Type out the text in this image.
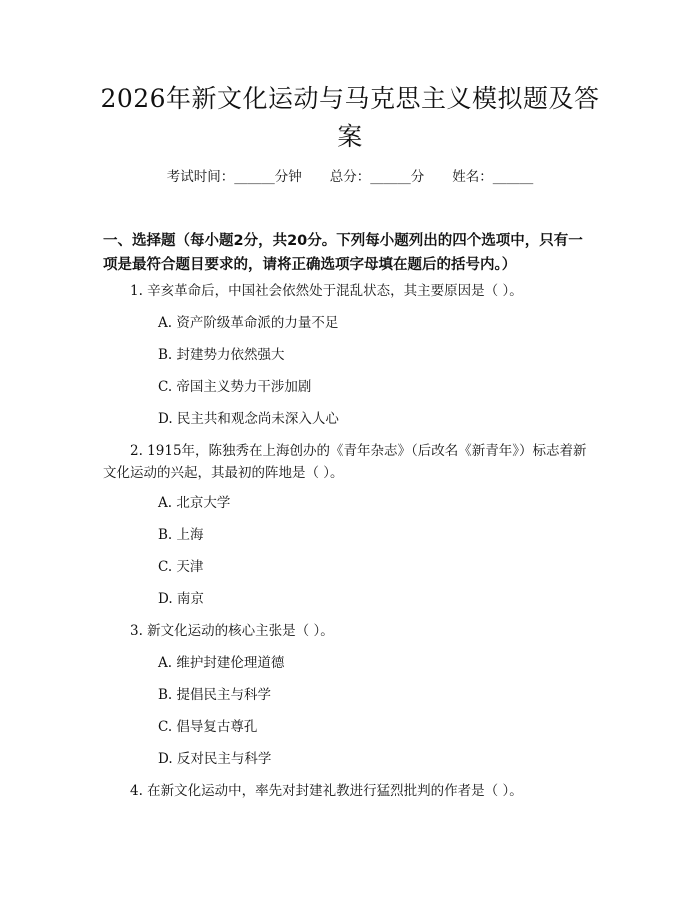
2026年新文化运动与马克思主义模拟题及答案
考试时间：______分钟 总分：______分 姓名：______
一、选择题（每小题2分，共20分。下列每小题列出的四个选项中，只有一项是最符合题目要求的，请将正确选项字母填在题后的括号内。）
1. 辛亥革命后，中国社会依然处于混乱状态，其主要原因是（ ）。
A. 资产阶级革命派的力量不足
B. 封建势力依然强大
C. 帝国主义势力干涉加剧
D. 民主共和观念尚未深入人心
2. 1915年，陈独秀在上海创办的《青年杂志》（后改名《新青年》）标志着新文化运动的兴起，其最初的阵地是（ ）。
A. 北京大学
B. 上海
C. 天津
D. 南京
3. 新文化运动的核心主张是（ ）。
A. 维护封建伦理道德
B. 提倡民主与科学
C. 倡导复古尊孔
D. 反对民主与科学
4. 在新文化运动中，率先对封建礼教进行猛烈批判的作者是（ ）。
